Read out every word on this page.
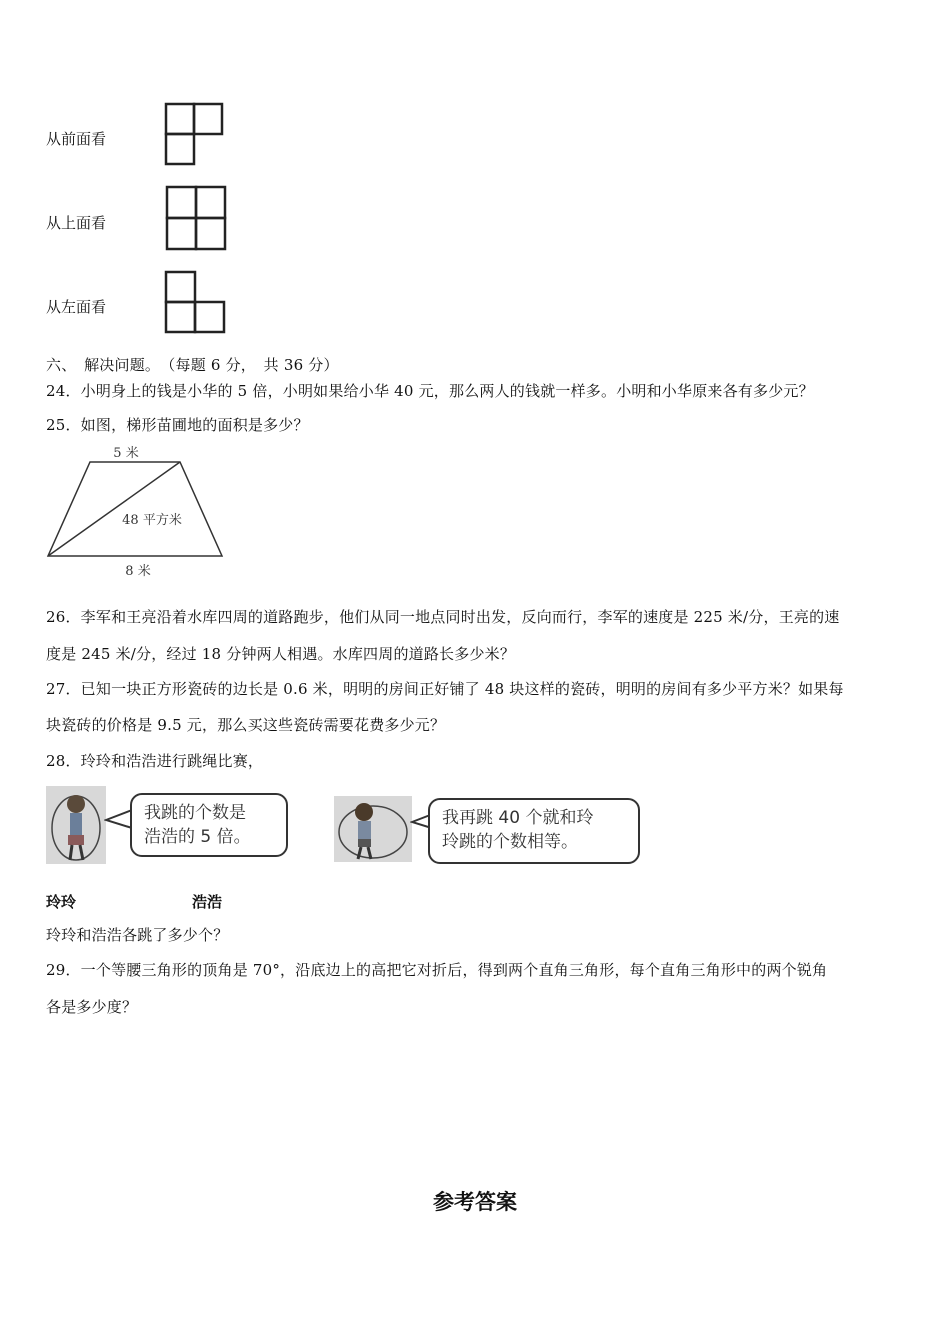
从前面看
从上面看
从左面看
六、　解决问题。　（每题 6 分，　共 36 分）
24．小明身上的钱是小华的 5 倍，小明如果给小华 40 元，那么两人的钱就一样多。小明和小华原来各有多少元？
25．如图，梯形苗圃地的面积是多少？
5 米
48 平方米
8 米
26．李军和王亮沿着水库四周的道路跑步，他们从同一地点同时出发，反向而行，李军的速度是 225 米/分，王亮的速
度是 245 米/分，经过 18 分钟两人相遇。水库四周的道路长多少米？
27．已知一块正方形瓷砖的边长是 0.6 米，明明的房间正好铺了 48 块这样的瓷砖，明明的房间有多少平方米？如果每
块瓷砖的价格是 9.5 元，那么买这些瓷砖需要花费多少元？
28．玲玲和浩浩进行跳绳比赛，
我跳的个数是
浩浩的 5 倍。
我再跳 40 个就和玲
玲跳的个数相等。
玲玲	浩浩
玲玲和浩浩各跳了多少个？
29．一个等腰三角形的顶角是 70°，沿底边上的高把它对折后，得到两个直角三角形，每个直角三角形中的两个锐角
各是多少度？
参考答案
